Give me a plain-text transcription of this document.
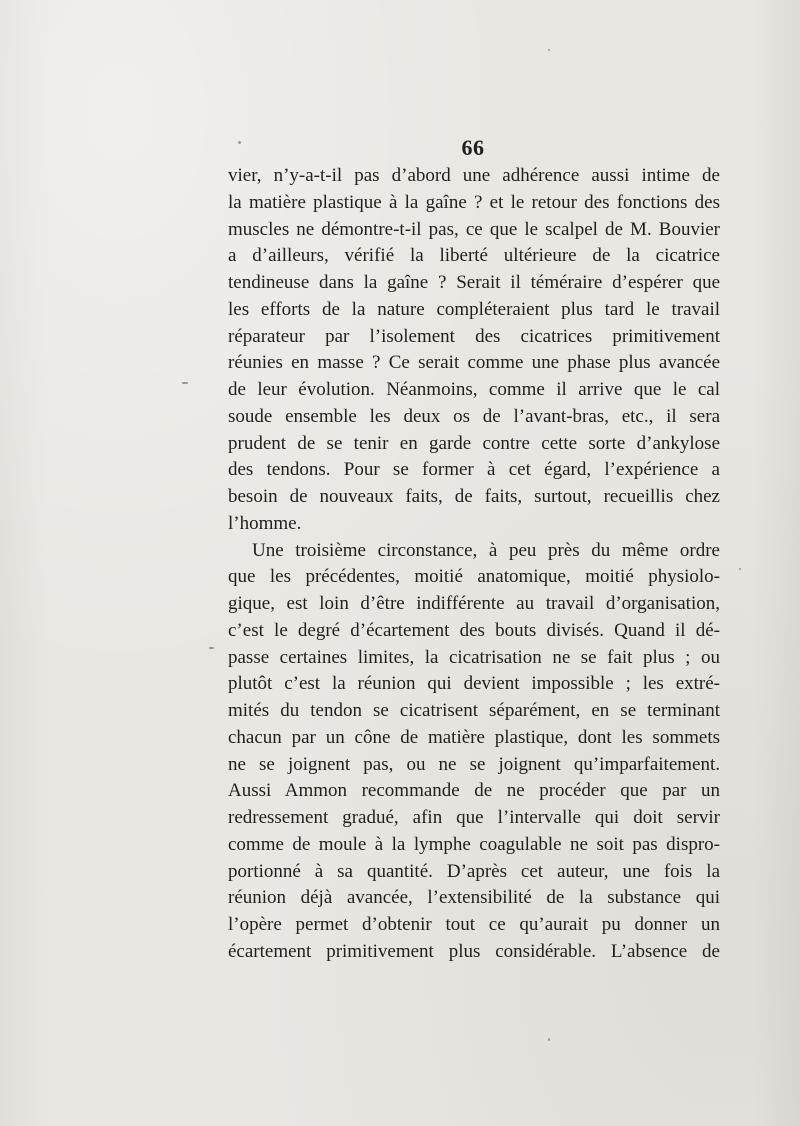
66
vier, n’y-a-t-il pas d’abord une adhérence aussi intime de
la matière plastique à la gaîne ? et le retour des fonctions des
muscles ne démontre-t-il pas, ce que le scalpel de M. Bouvier
a d’ailleurs, vérifié la liberté ultérieure de la cicatrice
tendineuse dans la gaîne ? Serait il téméraire d’espérer que
les efforts de la nature compléteraient plus tard le travail
réparateur par l’isolement des cicatrices primitivement
réunies en masse ? Ce serait comme une phase plus avancée
de leur évolution. Néanmoins, comme il arrive que le cal
soude ensemble les deux os de l’avant-bras, etc., il sera
prudent de se tenir en garde contre cette sorte d’ankylose
des tendons. Pour se former à cet égard, l’expérience a
besoin de nouveaux faits, de faits, surtout, recueillis chez
l’homme.
Une troisième circonstance, à peu près du même ordre
que les précédentes, moitié anatomique, moitié physiolo-
gique, est loin d’être indifférente au travail d’organisation,
c’est le degré d’écartement des bouts divisés. Quand il dé-
passe certaines limites, la cicatrisation ne se fait plus ; ou
plutôt c’est la réunion qui devient impossible ; les extré-
mités du tendon se cicatrisent séparément, en se terminant
chacun par un cône de matière plastique, dont les sommets
ne se joignent pas, ou ne se joignent qu’imparfaitement.
Aussi Ammon recommande de ne procéder que par un
redressement gradué, afin que l’intervalle qui doit servir
comme de moule à la lymphe coagulable ne soit pas dispro-
portionné à sa quantité. D’après cet auteur, une fois la
réunion déjà avancée, l’extensibilité de la substance qui
l’opère permet d’obtenir tout ce qu’aurait pu donner un
écartement primitivement plus considérable. L’absence de
